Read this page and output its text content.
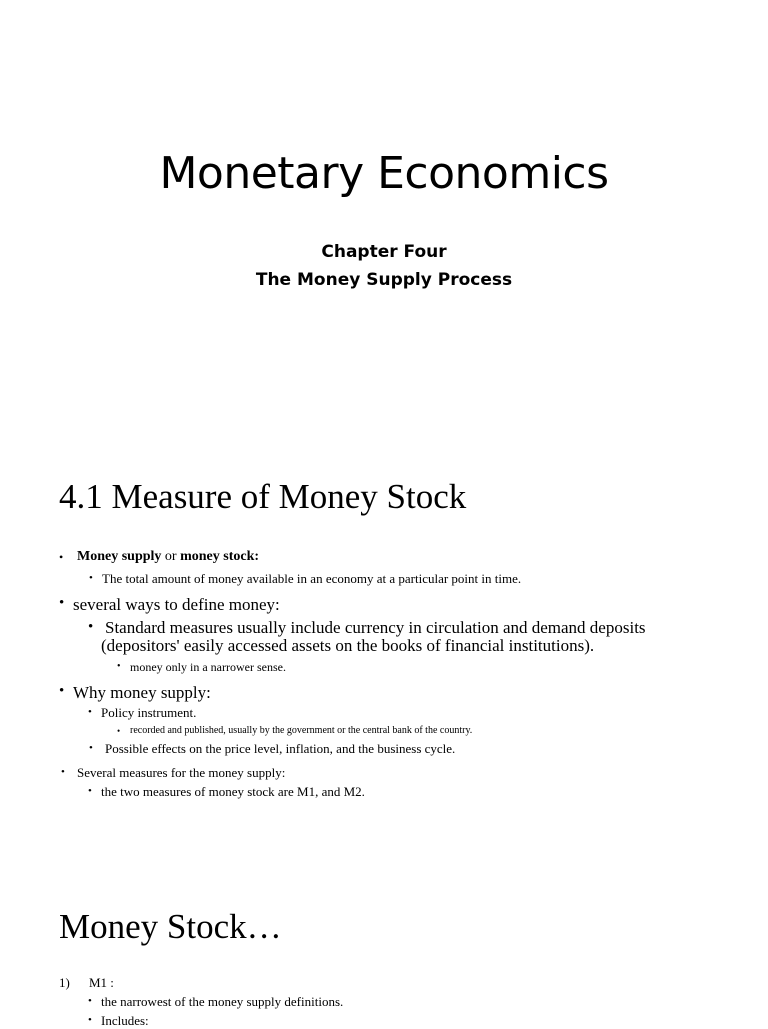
Monetary Economics
Chapter Four
The Money Supply Process
4.1 Measure of Money Stock
• Money supply or money stock:
• The total amount of money available in an economy at a particular point in time.
• several ways to define money:
• Standard measures usually include currency in circulation and demand deposits
(depositors' easily accessed assets on the books of financial institutions).
• money only in a narrower sense.
• Why money supply:
• Policy instrument.
• recorded and published, usually by the government or the central bank of the country.
• Possible effects on the price level, inflation, and the business cycle.
• Several measures for the money supply:
• the two measures of money stock are M1, and M2.
Money Stock…
1) M1 :
• the narrowest of the money supply definitions.
• Includes:
